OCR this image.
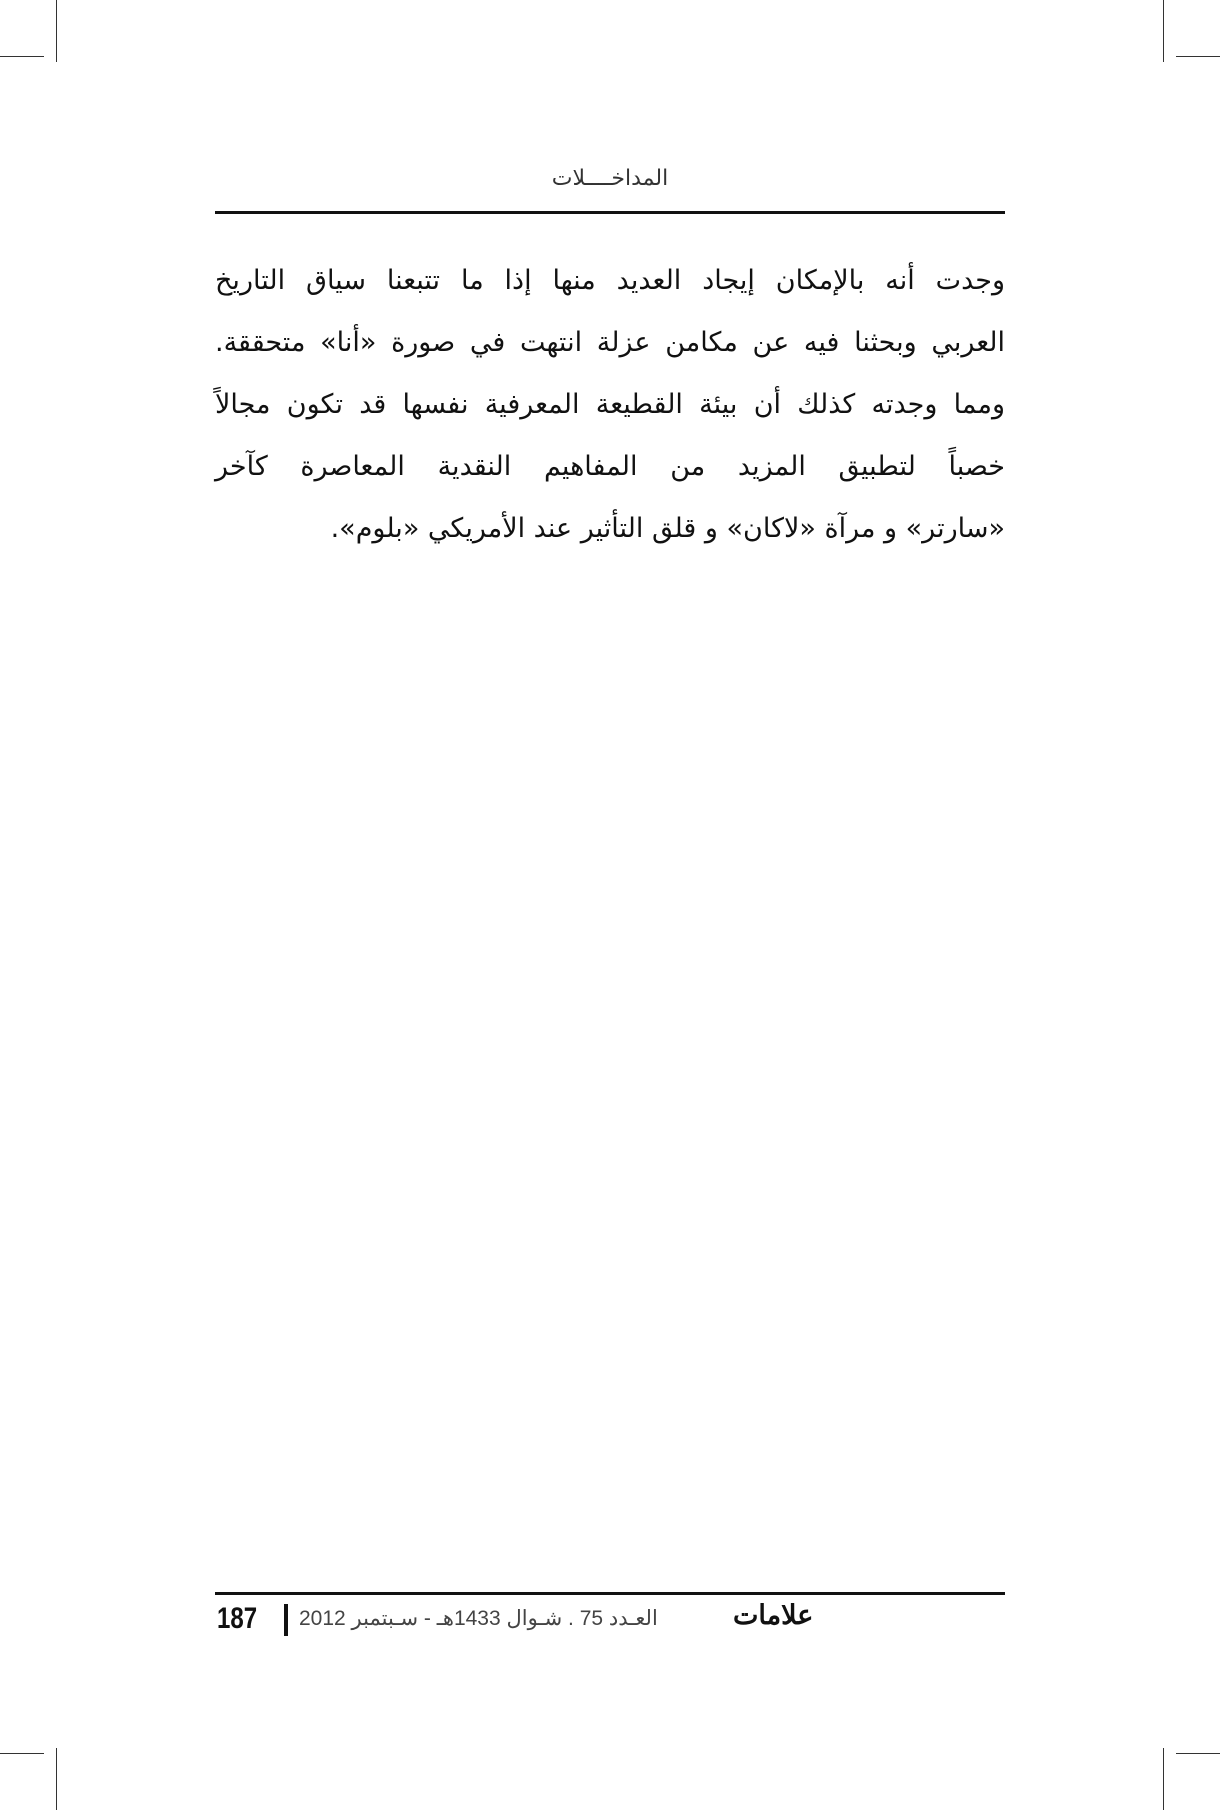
المداخــــلات
وجدت أنه بالإمكان إيجاد العديد منها إذا ما تتبعنا سياق التاريخ
العربي وبحثنا فيه عن مكامن عزلة انتهت في صورة «أنا» متحققة.
ومما وجدته كذلك أن بيئة القطيعة المعرفية نفسها قد تكون مجالاً
خصباً لتطبيق المزيد من المفاهيم النقدية المعاصرة كآخر
«سارتر» و مرآة «لاكان» و قلق التأثير عند الأمريكي «بلوم».
187 العـدد 75 . شـوال 1433هـ - سـبتمبر 2012	علامات
